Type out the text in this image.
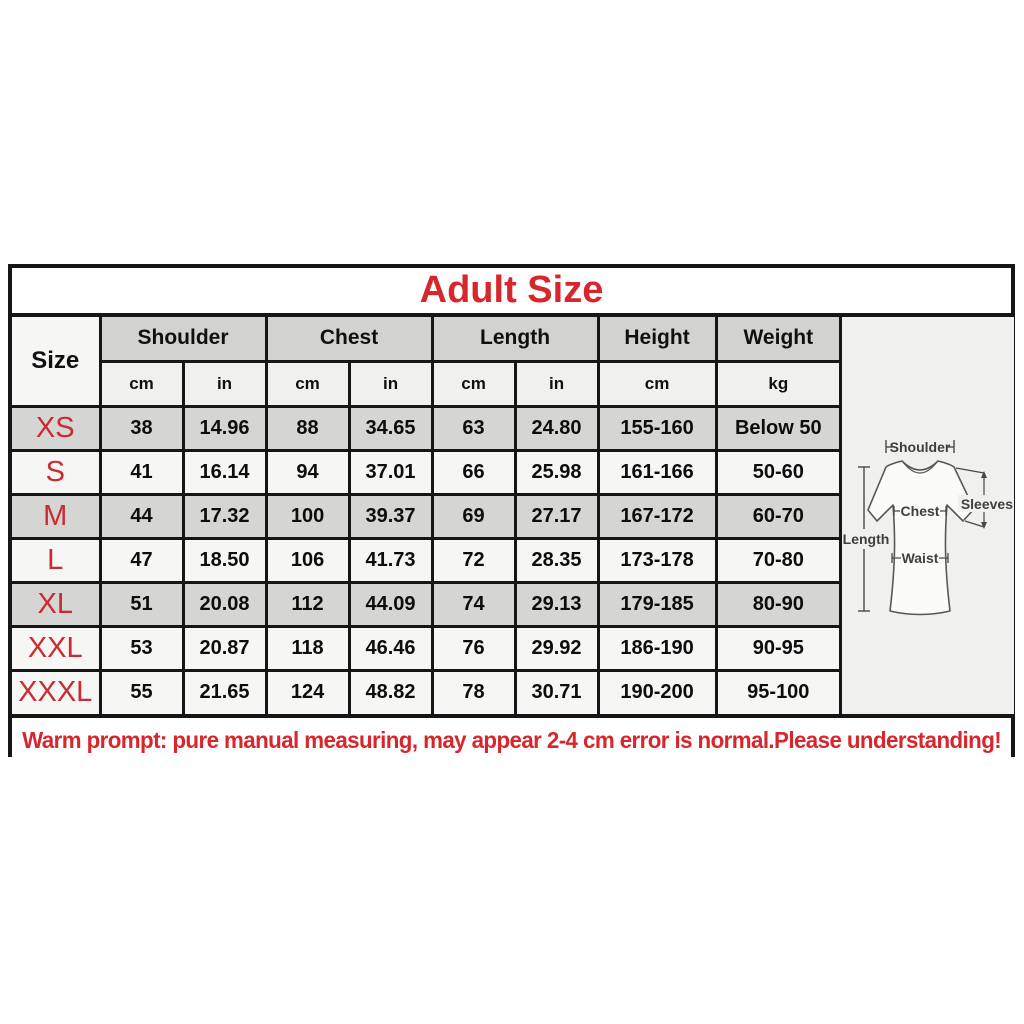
Adult Size
Size	Shoulder		Chest		Length		Height	Weight
	cm	in	cm	in	cm	in	cm	kg
XS	38	14.96	88	34.65	63	24.80	155-160	Below 50
S	41	16.14	94	37.01	66	25.98	161-166	50-60
M	44	17.32	100	39.37	69	27.17	167-172	60-70
L	47	18.50	106	41.73	72	28.35	173-178	70-80
XL	51	20.08	112	44.09	74	29.13	179-185	80-90
XXL	53	20.87	118	46.46	76	29.92	186-190	90-95
XXXL	55	21.65	124	48.82	78	30.71	190-200	95-100
Shoulder
Length
Chest
Waist
Sleeves
Warm prompt: pure manual measuring, may appear 2-4 cm error is normal.Please understanding!
